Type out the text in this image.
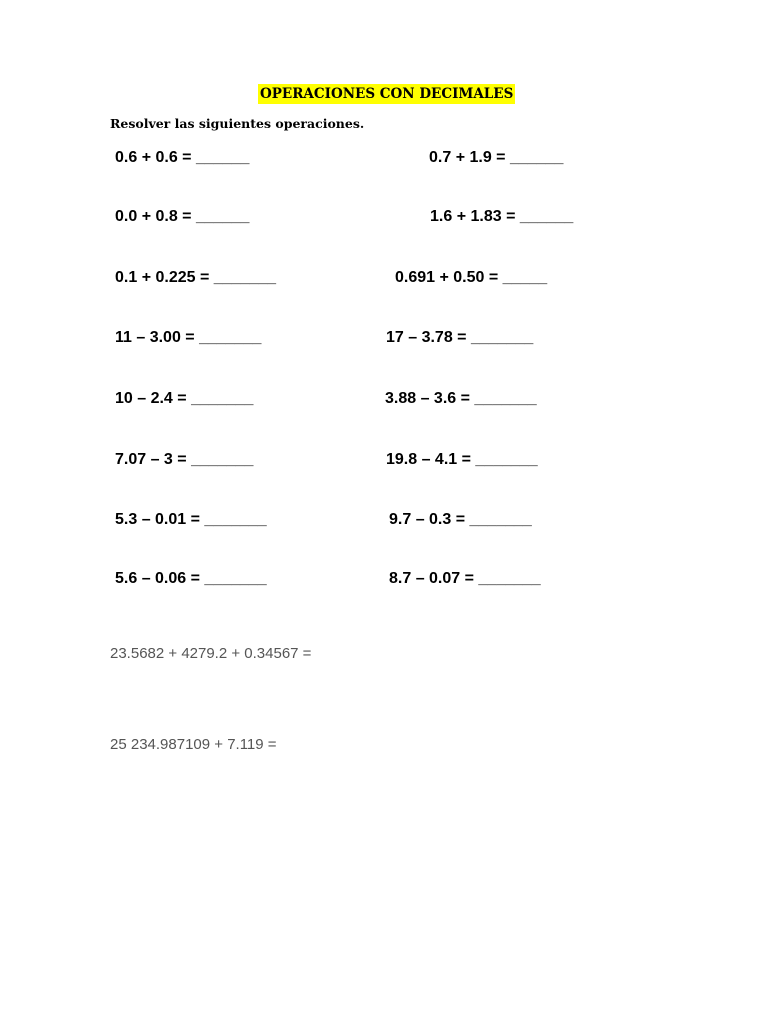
OPERACIONES CON DECIMALES
Resolver las siguientes operaciones.
0.6 + 0.6 = ______
0.0 + 0.8 = ______
0.1 + 0.225 = _______
11 – 3.00 = _______
10 – 2.4 = _______
7.07 – 3 = _______
5.3 – 0.01 = _______
5.6 – 0.06 = _______
0.7 + 1.9 = ______
1.6 + 1.83 = ______
0.691 + 0.50 = _____
17 – 3.78 = _______
3.88 – 3.6 = _______
19.8 – 4.1 = _______
9.7 – 0.3 = _______
8.7 – 0.07 = _______
23.5682 + 4279.2 + 0.34567 =
25 234.987109 + 7.119 =
